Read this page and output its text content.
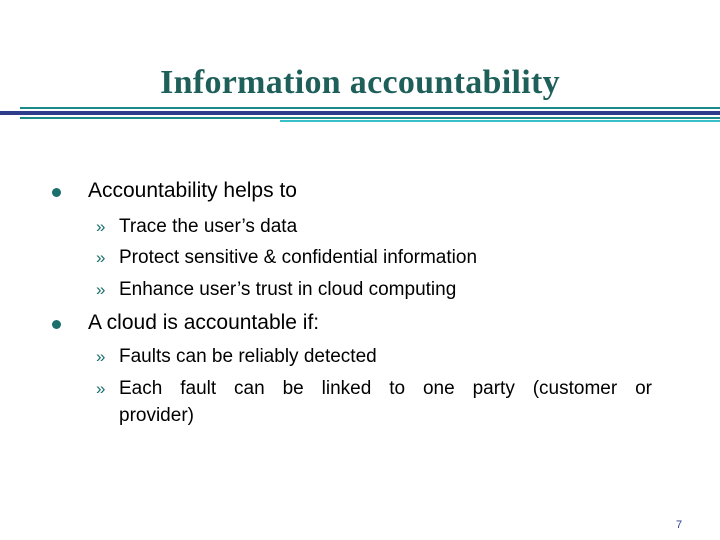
Information accountability
Accountability helps to
» Trace the user’s data
» Protect sensitive & confidential information
» Enhance user’s trust in cloud computing
A cloud is accountable if:
» Faults can be reliably detected
» Each fault can be linked to one party (customer or
provider)
7
